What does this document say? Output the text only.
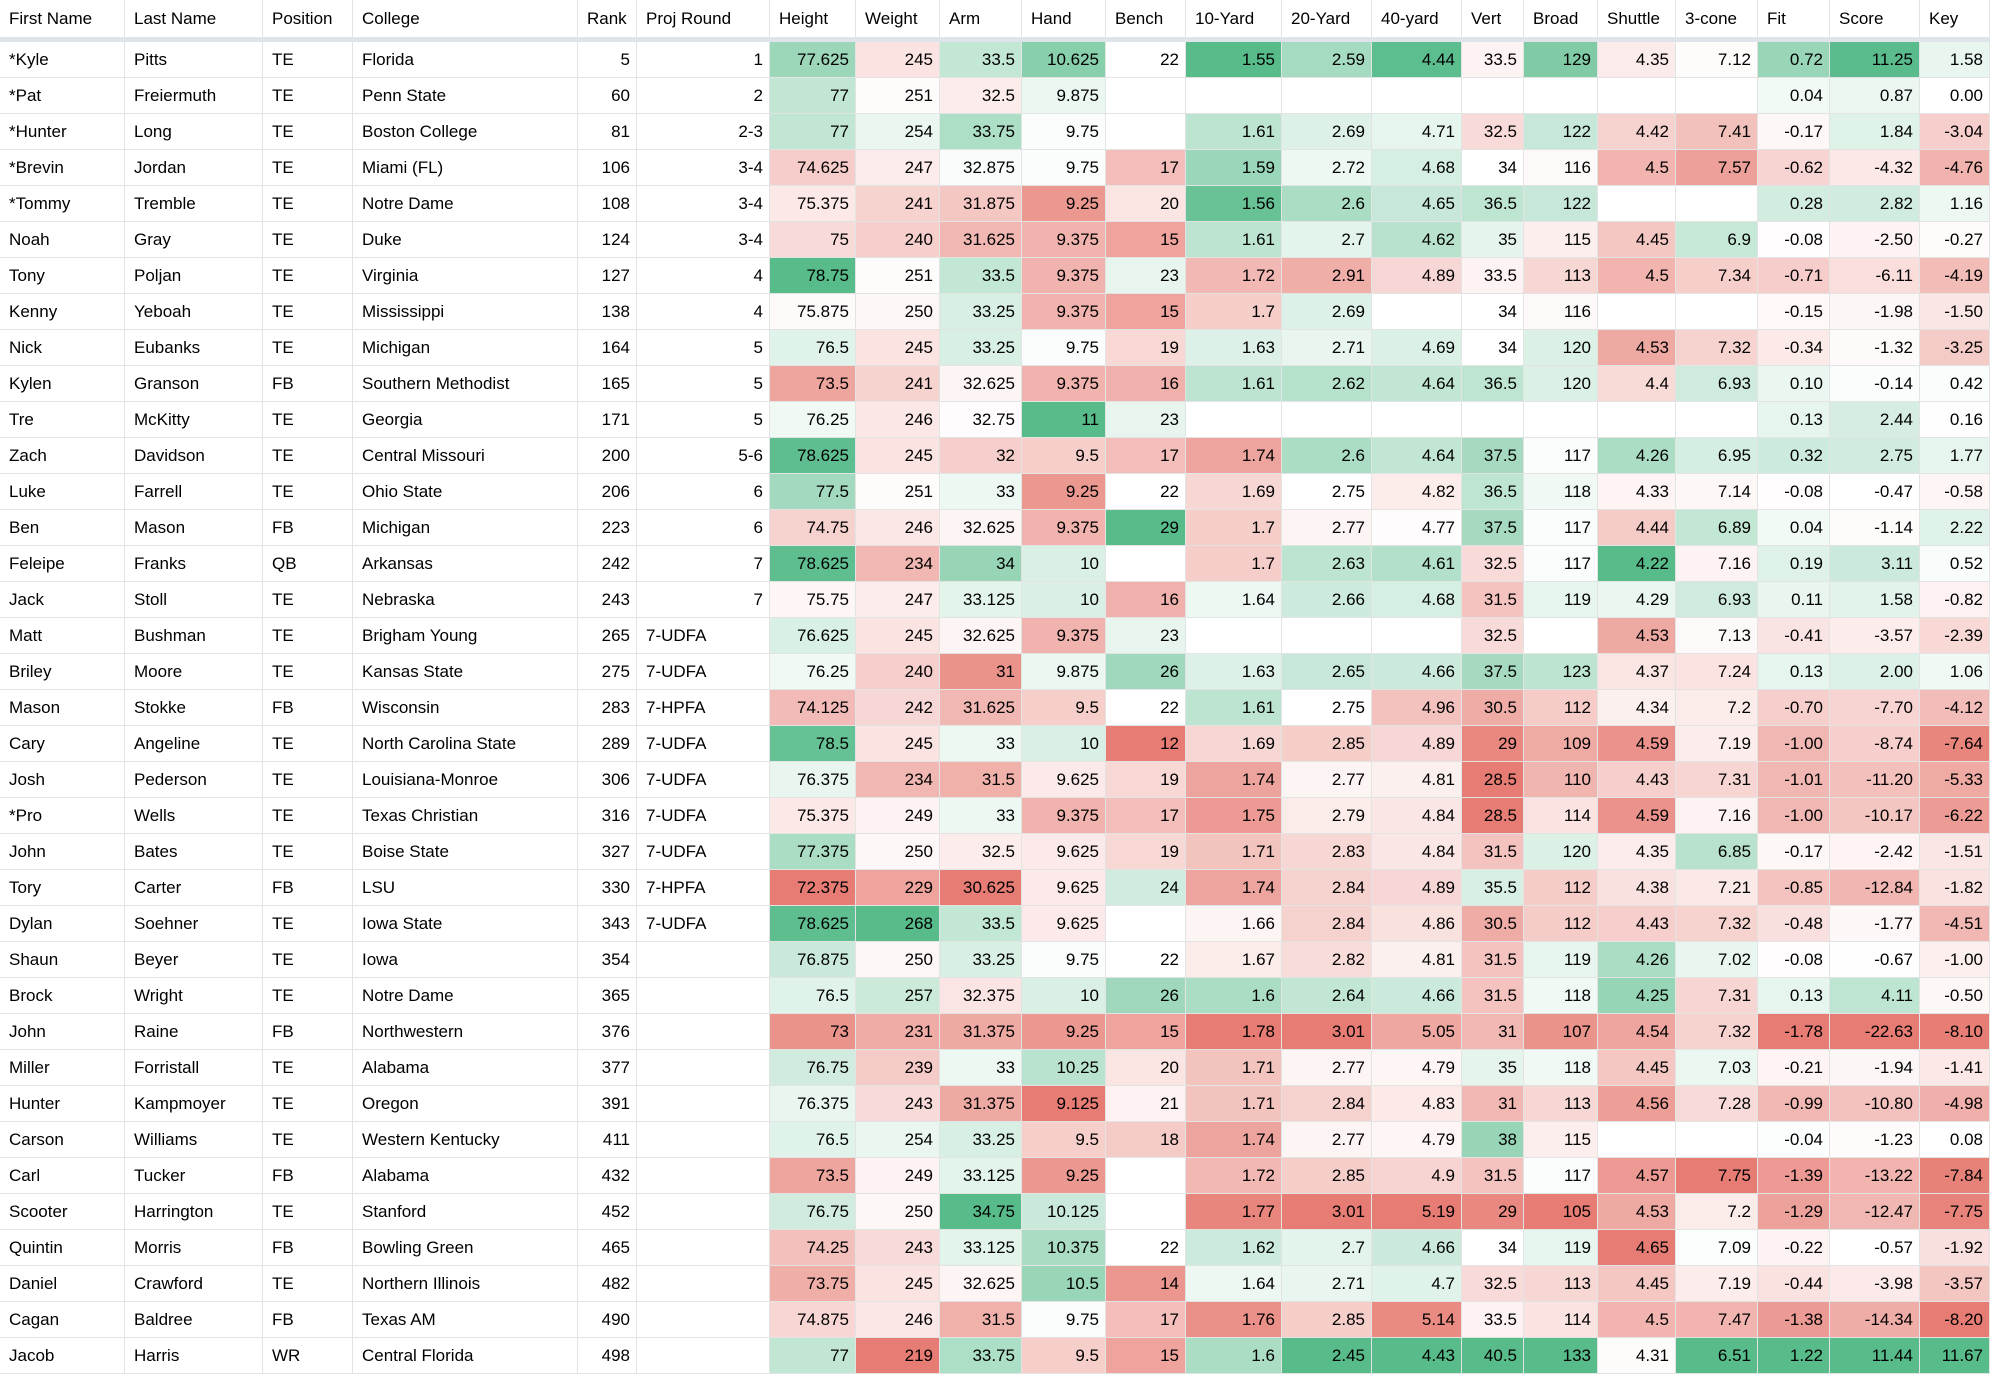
First Name	Last Name	Position	College	Rank	Proj Round	Height	Weight	Arm	Hand	Bench	10-Yard	20-Yard	40-yard	Vert	Broad	Shuttle	3-cone	Fit	Score	Key
*Kyle	Pitts	TE	Florida	5	1	77.625	245	33.5	10.625	22	1.55	2.59	4.44	33.5	129	4.35	7.12	0.72	11.25	1.58
*Pat	Freiermuth	TE	Penn State	60	2	77	251	32.5	9.875									0.04	0.87	0.00
*Hunter	Long	TE	Boston College	81	2-3	77	254	33.75	9.75		1.61	2.69	4.71	32.5	122	4.42	7.41	-0.17	1.84	-3.04
*Brevin	Jordan	TE	Miami (FL)	106	3-4	74.625	247	32.875	9.75	17	1.59	2.72	4.68	34	116	4.5	7.57	-0.62	-4.32	-4.76
*Tommy	Tremble	TE	Notre Dame	108	3-4	75.375	241	31.875	9.25	20	1.56	2.6	4.65	36.5	122			0.28	2.82	1.16
Noah	Gray	TE	Duke	124	3-4	75	240	31.625	9.375	15	1.61	2.7	4.62	35	115	4.45	6.9	-0.08	-2.50	-0.27
Tony	Poljan	TE	Virginia	127	4	78.75	251	33.5	9.375	23	1.72	2.91	4.89	33.5	113	4.5	7.34	-0.71	-6.11	-4.19
Kenny	Yeboah	TE	Mississippi	138	4	75.875	250	33.25	9.375	15	1.7	2.69		34	116			-0.15	-1.98	-1.50
Nick	Eubanks	TE	Michigan	164	5	76.5	245	33.25	9.75	19	1.63	2.71	4.69	34	120	4.53	7.32	-0.34	-1.32	-3.25
Kylen	Granson	FB	Southern Methodist	165	5	73.5	241	32.625	9.375	16	1.61	2.62	4.64	36.5	120	4.4	6.93	0.10	-0.14	0.42
Tre	McKitty	TE	Georgia	171	5	76.25	246	32.75	11	23								0.13	2.44	0.16
Zach	Davidson	TE	Central Missouri	200	5-6	78.625	245	32	9.5	17	1.74	2.6	4.64	37.5	117	4.26	6.95	0.32	2.75	1.77
Luke	Farrell	TE	Ohio State	206	6	77.5	251	33	9.25	22	1.69	2.75	4.82	36.5	118	4.33	7.14	-0.08	-0.47	-0.58
Ben	Mason	FB	Michigan	223	6	74.75	246	32.625	9.375	29	1.7	2.77	4.77	37.5	117	4.44	6.89	0.04	-1.14	2.22
Feleipe	Franks	QB	Arkansas	242	7	78.625	234	34	10		1.7	2.63	4.61	32.5	117	4.22	7.16	0.19	3.11	0.52
Jack	Stoll	TE	Nebraska	243	7	75.75	247	33.125	10	16	1.64	2.66	4.68	31.5	119	4.29	6.93	0.11	1.58	-0.82
Matt	Bushman	TE	Brigham Young	265	7-UDFA	76.625	245	32.625	9.375	23				32.5		4.53	7.13	-0.41	-3.57	-2.39
Briley	Moore	TE	Kansas State	275	7-UDFA	76.25	240	31	9.875	26	1.63	2.65	4.66	37.5	123	4.37	7.24	0.13	2.00	1.06
Mason	Stokke	FB	Wisconsin	283	7-HPFA	74.125	242	31.625	9.5	22	1.61	2.75	4.96	30.5	112	4.34	7.2	-0.70	-7.70	-4.12
Cary	Angeline	TE	North Carolina State	289	7-UDFA	78.5	245	33	10	12	1.69	2.85	4.89	29	109	4.59	7.19	-1.00	-8.74	-7.64
Josh	Pederson	TE	Louisiana-Monroe	306	7-UDFA	76.375	234	31.5	9.625	19	1.74	2.77	4.81	28.5	110	4.43	7.31	-1.01	-11.20	-5.33
*Pro	Wells	TE	Texas Christian	316	7-UDFA	75.375	249	33	9.375	17	1.75	2.79	4.84	28.5	114	4.59	7.16	-1.00	-10.17	-6.22
John	Bates	TE	Boise State	327	7-UDFA	77.375	250	32.5	9.625	19	1.71	2.83	4.84	31.5	120	4.35	6.85	-0.17	-2.42	-1.51
Tory	Carter	FB	LSU	330	7-HPFA	72.375	229	30.625	9.625	24	1.74	2.84	4.89	35.5	112	4.38	7.21	-0.85	-12.84	-1.82
Dylan	Soehner	TE	Iowa State	343	7-UDFA	78.625	268	33.5	9.625		1.66	2.84	4.86	30.5	112	4.43	7.32	-0.48	-1.77	-4.51
Shaun	Beyer	TE	Iowa	354		76.875	250	33.25	9.75	22	1.67	2.82	4.81	31.5	119	4.26	7.02	-0.08	-0.67	-1.00
Brock	Wright	TE	Notre Dame	365		76.5	257	32.375	10	26	1.6	2.64	4.66	31.5	118	4.25	7.31	0.13	4.11	-0.50
John	Raine	FB	Northwestern	376		73	231	31.375	9.25	15	1.78	3.01	5.05	31	107	4.54	7.32	-1.78	-22.63	-8.10
Miller	Forristall	TE	Alabama	377		76.75	239	33	10.25	20	1.71	2.77	4.79	35	118	4.45	7.03	-0.21	-1.94	-1.41
Hunter	Kampmoyer	TE	Oregon	391		76.375	243	31.375	9.125	21	1.71	2.84	4.83	31	113	4.56	7.28	-0.99	-10.80	-4.98
Carson	Williams	TE	Western Kentucky	411		76.5	254	33.25	9.5	18	1.74	2.77	4.79	38	115			-0.04	-1.23	0.08
Carl	Tucker	FB	Alabama	432		73.5	249	33.125	9.25		1.72	2.85	4.9	31.5	117	4.57	7.75	-1.39	-13.22	-7.84
Scooter	Harrington	TE	Stanford	452		76.75	250	34.75	10.125		1.77	3.01	5.19	29	105	4.53	7.2	-1.29	-12.47	-7.75
Quintin	Morris	FB	Bowling Green	465		74.25	243	33.125	10.375	22	1.62	2.7	4.66	34	119	4.65	7.09	-0.22	-0.57	-1.92
Daniel	Crawford	TE	Northern Illinois	482		73.75	245	32.625	10.5	14	1.64	2.71	4.7	32.5	113	4.45	7.19	-0.44	-3.98	-3.57
Cagan	Baldree	FB	Texas AM	490		74.875	246	31.5	9.75	17	1.76	2.85	5.14	33.5	114	4.5	7.47	-1.38	-14.34	-8.20
Jacob	Harris	WR	Central Florida	498		77	219	33.75	9.5	15	1.6	2.45	4.43	40.5	133	4.31	6.51	1.22	11.44	11.67
